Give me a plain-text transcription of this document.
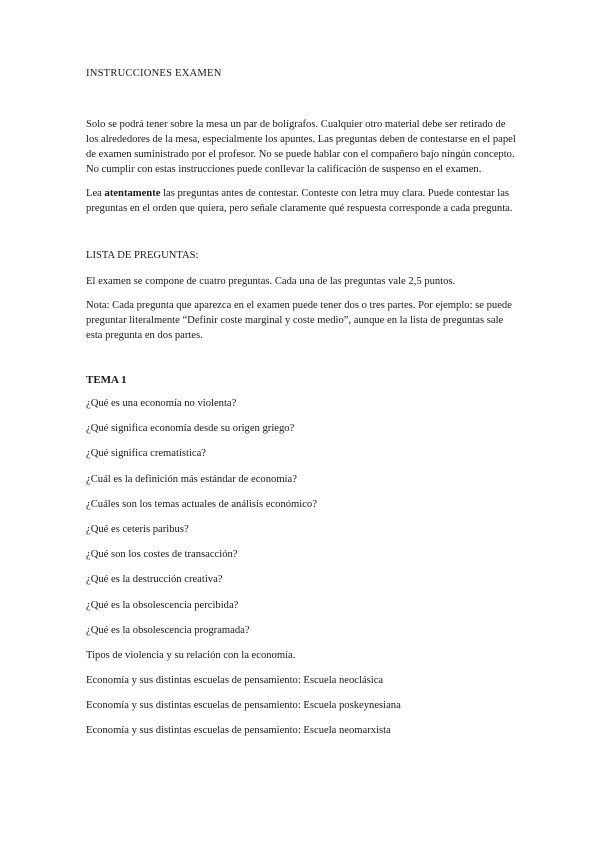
INSTRUCCIONES EXAMEN

Solo se podrá tener sobre la mesa un par de bolígrafos. Cualquier otro material debe ser retirado de los alrededores de la mesa, especialmente los apuntes. Las preguntas deben de contestarse en el papel de examen suministrado por el profesor. No se puede hablar con el compañero bajo ningún concepto. No cumplir con estas instrucciones puede conllevar la calificación de suspenso en el examen.

Lea atentamente las preguntas antes de contestar. Conteste con letra muy clara. Puede contestar las preguntas en el orden que quiera, pero señale claramente qué respuesta corresponde a cada pregunta.

LISTA DE PREGUNTAS:

El examen se compone de cuatro preguntas. Cada una de las preguntas vale 2,5 puntos.

Nota: Cada pregunta que aparezca en el examen puede tener dos o tres partes. Por ejemplo: se puede preguntar literalmente “Definir coste marginal y coste medio”, aunque en la lista de preguntas sale esta pregunta en dos partes.

TEMA 1

¿Qué es una economía no violenta?
¿Qué significa economía desde su origen griego?
¿Qué significa crematística?
¿Cuál es la definición más estándar de economía?
¿Cuáles son los temas actuales de análisis económico?
¿Qué es ceteris paribus?
¿Qué son los costes de transacción?
¿Qué es la destrucción creativa?
¿Qué es la obsolescencia percibida?
¿Qué es la obsolescencia programada?
Tipos de violencia y su relación con la economía.
Economía y sus distintas escuelas de pensamiento: Escuela neoclásica
Economía y sus distintas escuelas de pensamiento: Escuela poskeynesiana
Economía y sus distintas escuelas de pensamiento: Escuela neomarxista
